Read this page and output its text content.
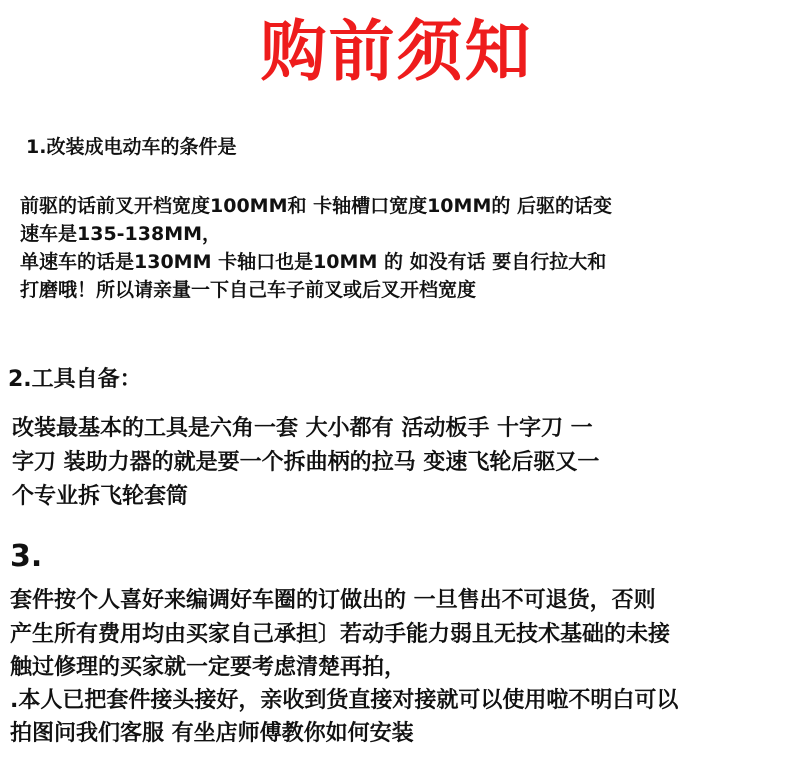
购前须知
1.改装成电动车的条件是
前驱的话前叉开档宽度100MM和 卡轴槽口宽度10MM的 后驱的话变
速车是135-138MM，
单速车的话是130MM 卡轴口也是10MM 的 如没有话 要自行拉大和
打磨哦！所以请亲量一下自己车子前叉或后叉开档宽度
2.工具自备：
改装最基本的工具是六角一套 大小都有 活动板手 十字刀 一
字刀 装助力器的就是要一个拆曲柄的拉马 变速飞轮后驱又一
个专业拆飞轮套筒
3.
套件按个人喜好来编调好车圈的订做出的 一旦售出不可退货，否则
产生所有费用均由买家自己承担〕若动手能力弱且无技术基础的未接
触过修理的买家就一定要考虑清楚再拍，
.本人已把套件接头接好，亲收到货直接对接就可以使用啦不明白可以
拍图问我们客服 有坐店师傅教你如何安装
